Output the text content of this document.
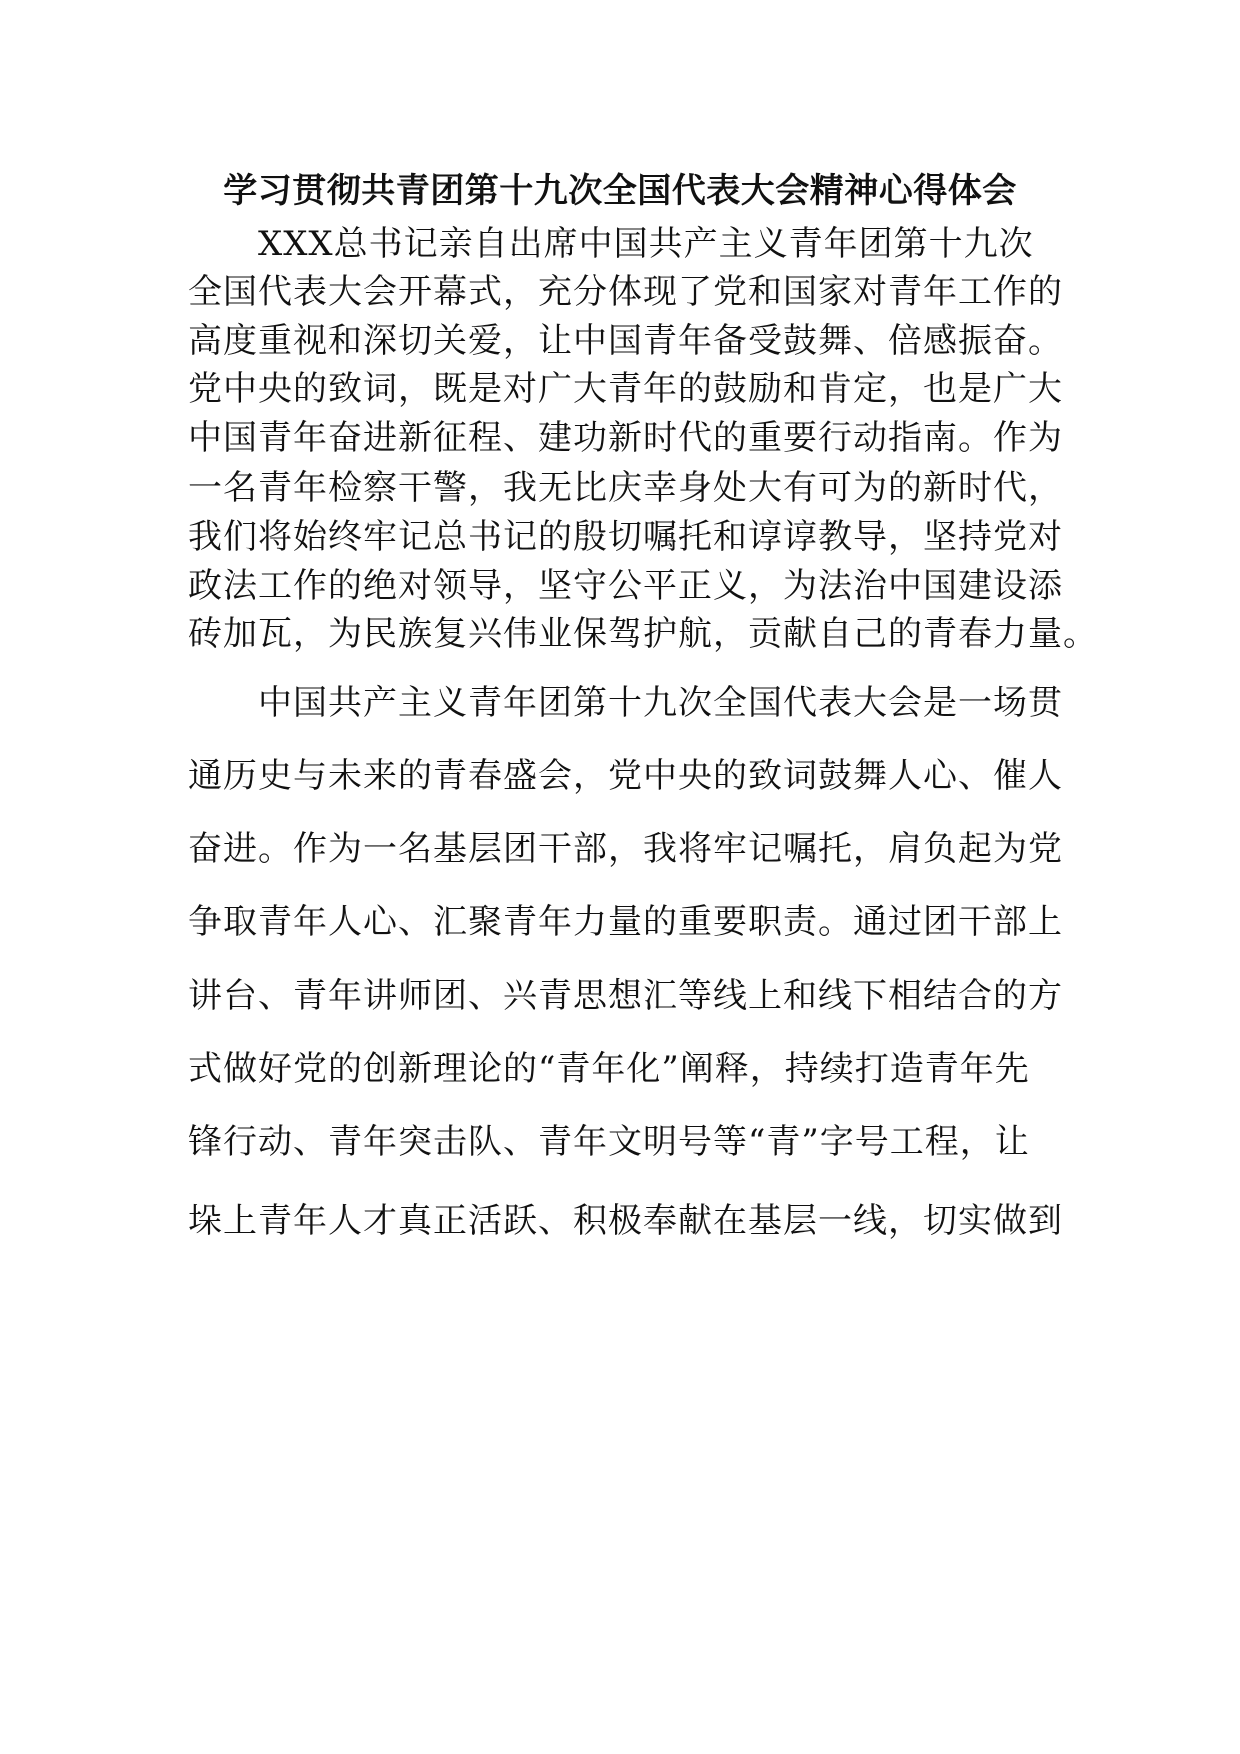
学习贯彻共青团第十九次全国代表大会精神心得体会
XXX总书记亲自出席中国共产主义青年团第十九次
全国代表大会开幕式，充分体现了党和国家对青年工作的
高度重视和深切关爱，让中国青年备受鼓舞、倍感振奋。
党中央的致词，既是对广大青年的鼓励和肯定，也是广大
中国青年奋进新征程、建功新时代的重要行动指南。作为
一名青年检察干警，我无比庆幸身处大有可为的新时代，
我们将始终牢记总书记的殷切嘱托和谆谆教导，坚持党对
政法工作的绝对领导，坚守公平正义，为法治中国建设添
砖加瓦，为民族复兴伟业保驾护航，贡献自己的青春力量。
中国共产主义青年团第十九次全国代表大会是一场贯
通历史与未来的青春盛会，党中央的致词鼓舞人心、催人
奋进。作为一名基层团干部，我将牢记嘱托，肩负起为党
争取青年人心、汇聚青年力量的重要职责。通过团干部上
讲台、青年讲师团、兴青思想汇等线上和线下相结合的方
式做好党的创新理论的“青年化”阐释，持续打造青年先
锋行动、青年突击队、青年文明号等“青”字号工程，让
垛上青年人才真正活跃、积极奉献在基层一线，切实做到
